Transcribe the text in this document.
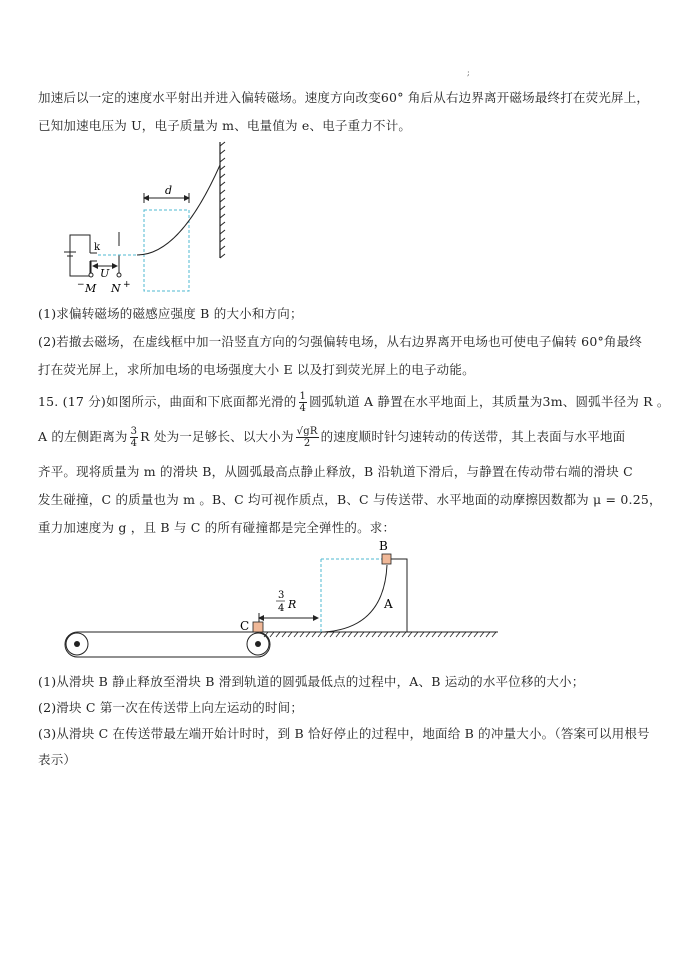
;
加速后以一定的速度水平射出并进入偏转磁场。速度方向改变60° 角后从右边界离开磁场最终打在荧光屏上，
已知加速电压为 U，电子质量为 m、电量值为 e、电子重力不计。
d
k
U
M N
−	+
B
A
C
3
4 R
(1)求偏转磁场的磁感应强度 B 的大小和方向；
(2)若撤去磁场，在虚线框中加一沿竖直方向的匀强偏转电场，从右边界离开电场也可使电子偏转 60°角最终
打在荧光屏上，求所加电场的电场强度大小 E 以及打到荧光屏上的电子动能。
15. (17 分)如图所示，曲面和下底面都光滑的 $\frac{1}{4}$ 圆弧轨道 A 静置在水平地面上，其质量为3m、圆弧半径为 R 。
A 的左侧距离为 $\frac{3}{4}$ R 处为一足够长、以大小为 $\frac{√gR}{2}$ 的速度顺时针匀速转动的传送带，其上表面与水平地面
齐平。现将质量为 m 的滑块 B，从圆弧最高点静止释放，B 沿轨道下滑后，与静置在传动带右端的滑块 C
发生碰撞，C 的质量也为 m 。B、C 均可视作质点，B、C 与传送带、水平地面的动摩擦因数都为 μ = 0.25，
重力加速度为 g ，且 B 与 C 的所有碰撞都是完全弹性的。求：
(1)从滑块 B 静止释放至滑块 B 滑到轨道的圆弧最低点的过程中，A、B 运动的水平位移的大小；
(2)滑块 C 第一次在传送带上向左运动的时间；
(3)从滑块 C 在传送带最左端开始计时时，到 B 恰好停止的过程中，地面给 B 的冲量大小。（答案可以用根号
表示）
